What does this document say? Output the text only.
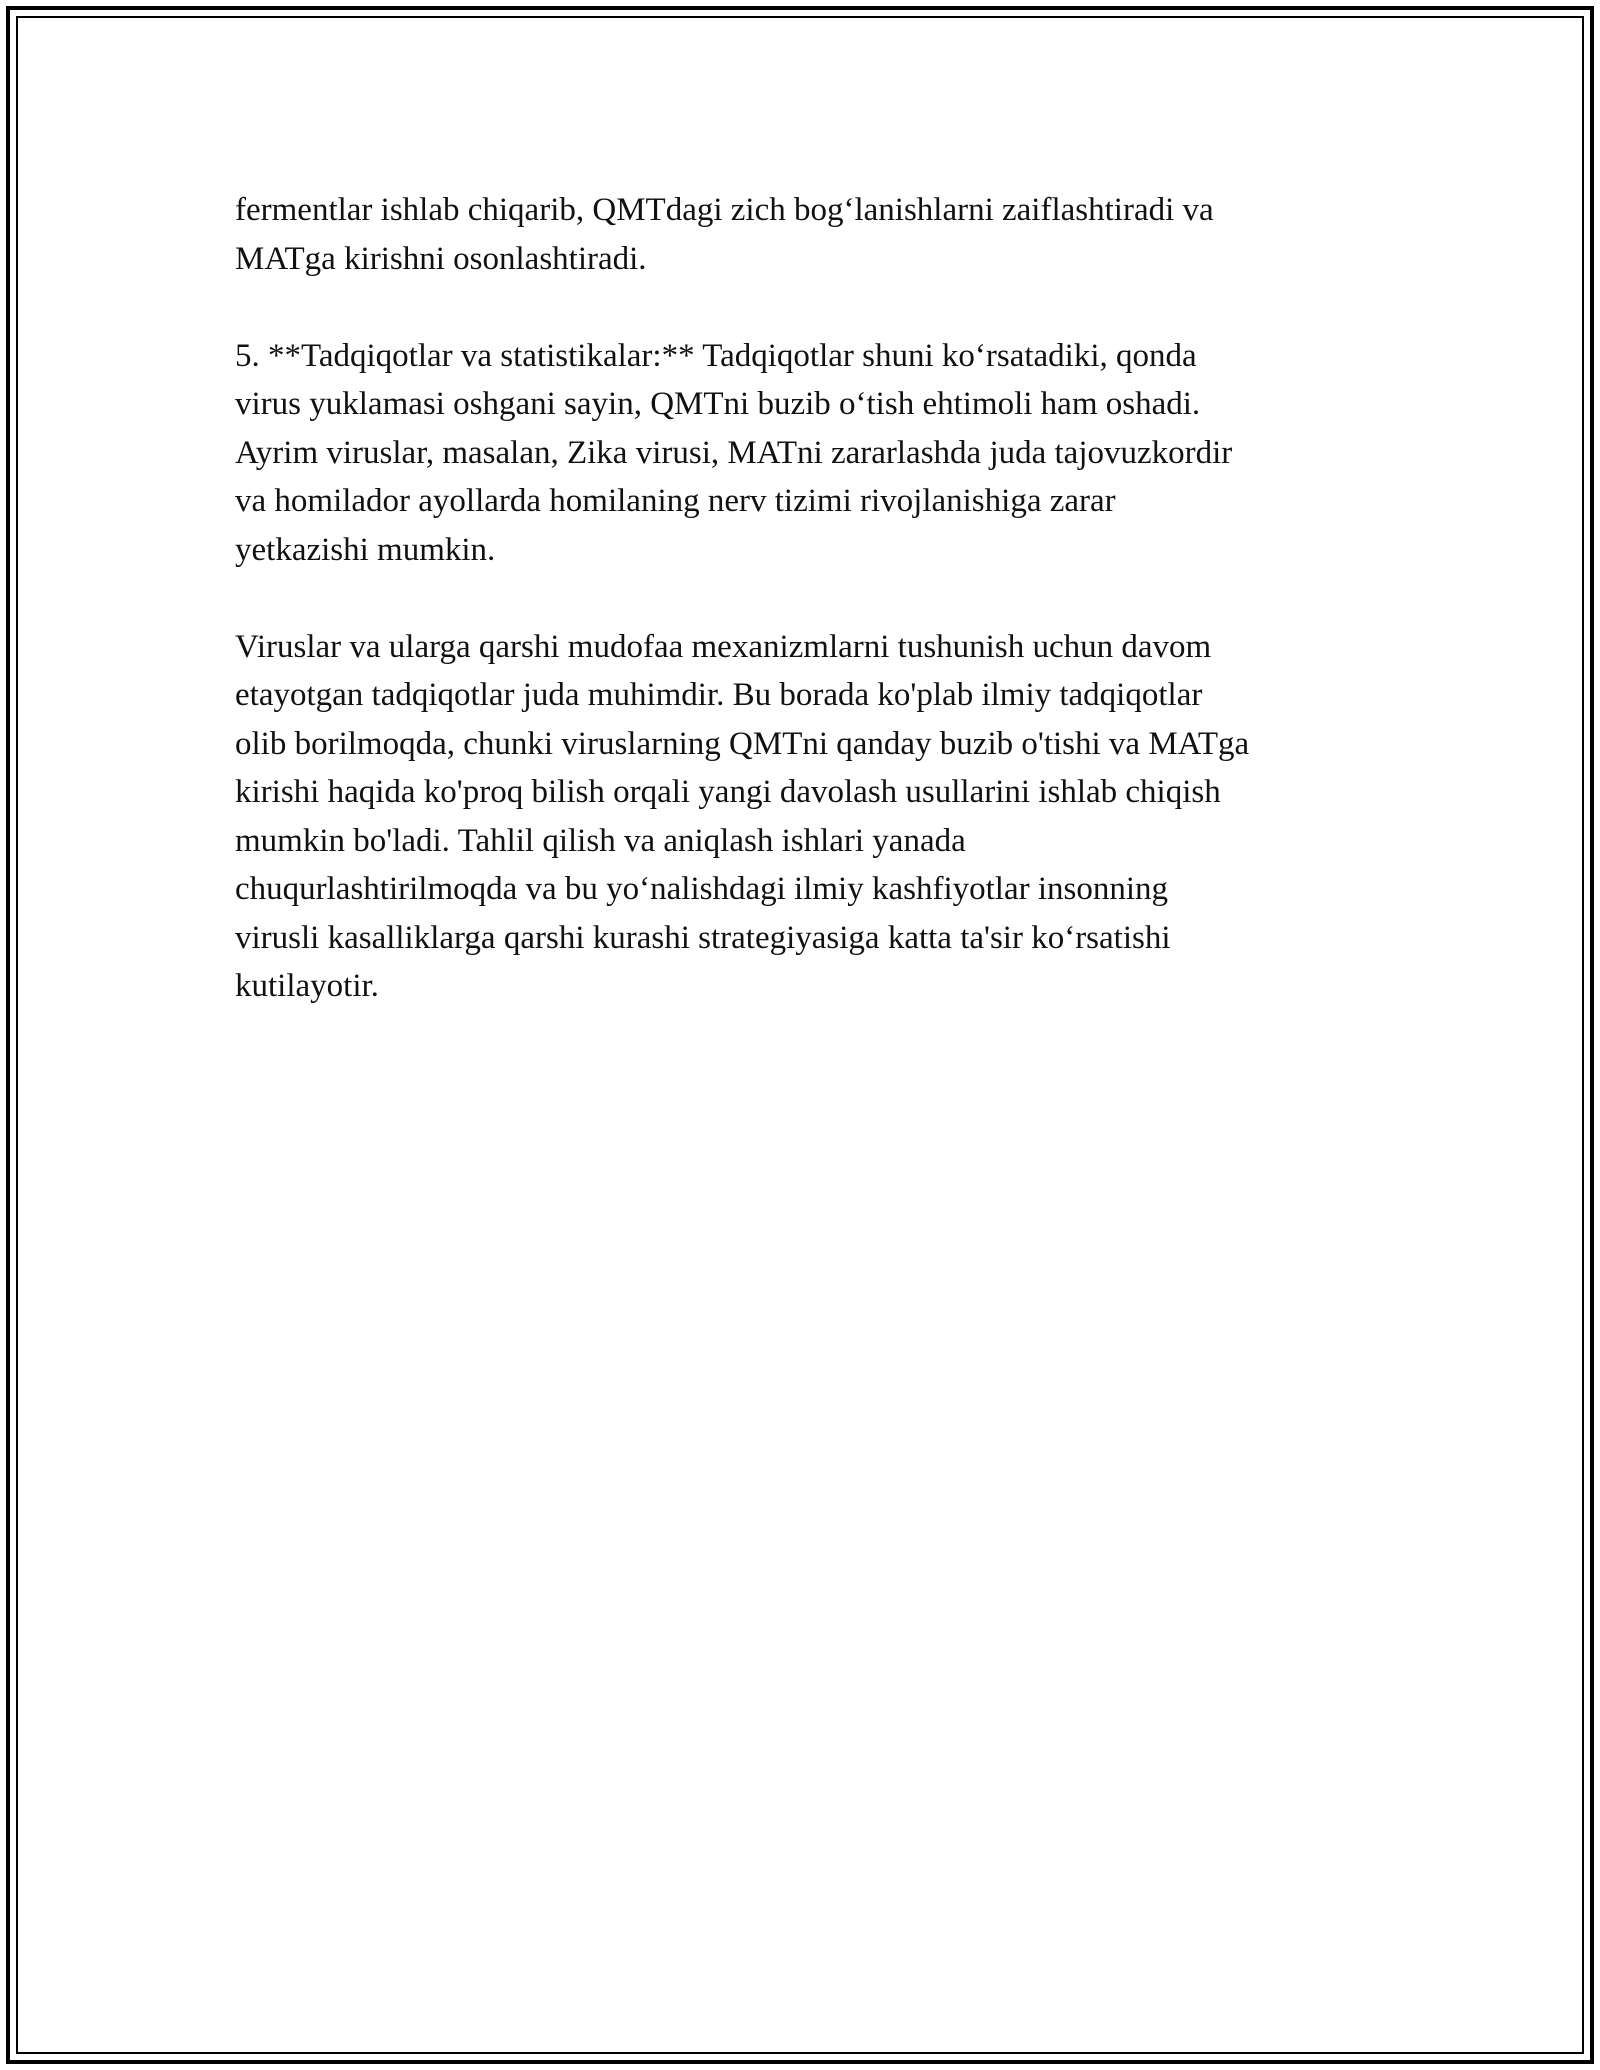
fermentlar ishlab chiqarib, QMTdagi zich bog‘lanishlarni zaiflashtiradi va
MATga kirishni osonlashtiradi.

5. **Tadqiqotlar va statistikalar:** Tadqiqotlar shuni ko‘rsatadiki, qonda
virus yuklamasi oshgani sayin, QMTni buzib o‘tish ehtimoli ham oshadi.
Ayrim viruslar, masalan, Zika virusi, MATni zararlashda juda tajovuzkordir
va homilador ayollarda homilaning nerv tizimi rivojlanishiga zarar
yetkazishi mumkin.

Viruslar va ularga qarshi mudofaa mexanizmlarni tushunish uchun davom
etayotgan tadqiqotlar juda muhimdir. Bu borada ko'plab ilmiy tadqiqotlar
olib borilmoqda, chunki viruslarning QMTni qanday buzib o'tishi va MATga
kirishi haqida ko'proq bilish orqali yangi davolash usullarini ishlab chiqish
mumkin bo'ladi. Tahlil qilish va aniqlash ishlari yanada
chuqurlashtirilmoqda va bu yo‘nalishdagi ilmiy kashfiyotlar insonning
virusli kasalliklarga qarshi kurashi strategiyasiga katta ta'sir ko‘rsatishi
kutilayotir.
